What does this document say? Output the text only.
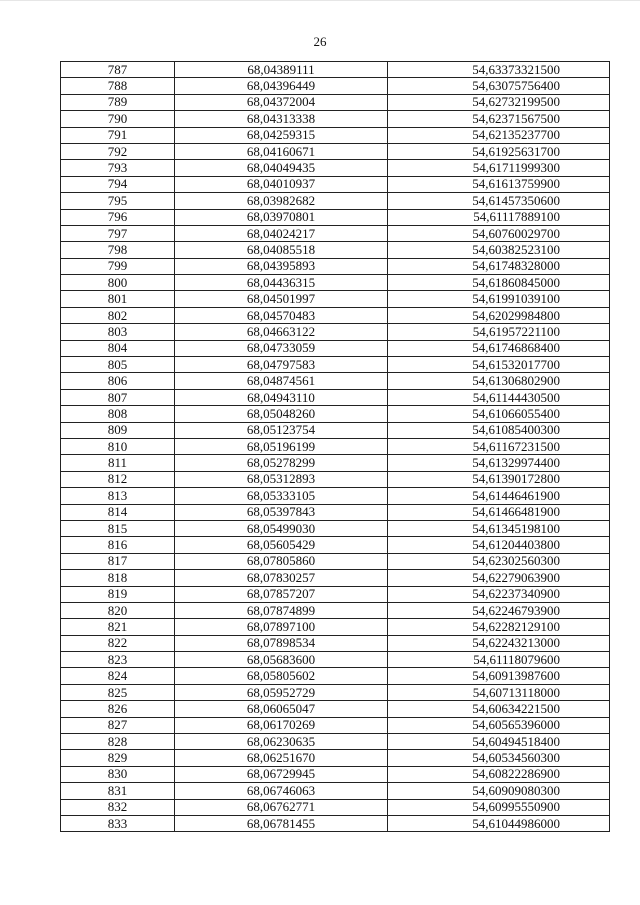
26
787	68,04389111	54,63373321500
788	68,04396449	54,63075756400
789	68,04372004	54,62732199500
790	68,04313338	54,62371567500
791	68,04259315	54,62135237700
792	68,04160671	54,61925631700
793	68,04049435	54,61711999300
794	68,04010937	54,61613759900
795	68,03982682	54,61457350600
796	68,03970801	54,61117889100
797	68,04024217	54,60760029700
798	68,04085518	54,60382523100
799	68,04395893	54,61748328000
800	68,04436315	54,61860845000
801	68,04501997	54,61991039100
802	68,04570483	54,62029984800
803	68,04663122	54,61957221100
804	68,04733059	54,61746868400
805	68,04797583	54,61532017700
806	68,04874561	54,61306802900
807	68,04943110	54,61144430500
808	68,05048260	54,61066055400
809	68,05123754	54,61085400300
810	68,05196199	54,61167231500
811	68,05278299	54,61329974400
812	68,05312893	54,61390172800
813	68,05333105	54,61446461900
814	68,05397843	54,61466481900
815	68,05499030	54,61345198100
816	68,05605429	54,61204403800
817	68,07805860	54,62302560300
818	68,07830257	54,62279063900
819	68,07857207	54,62237340900
820	68,07874899	54,62246793900
821	68,07897100	54,62282129100
822	68,07898534	54,62243213000
823	68,05683600	54,61118079600
824	68,05805602	54,60913987600
825	68,05952729	54,60713118000
826	68,06065047	54,60634221500
827	68,06170269	54,60565396000
828	68,06230635	54,60494518400
829	68,06251670	54,60534560300
830	68,06729945	54,60822286900
831	68,06746063	54,60909080300
832	68,06762771	54,60995550900
833	68,06781455	54,61044986000
